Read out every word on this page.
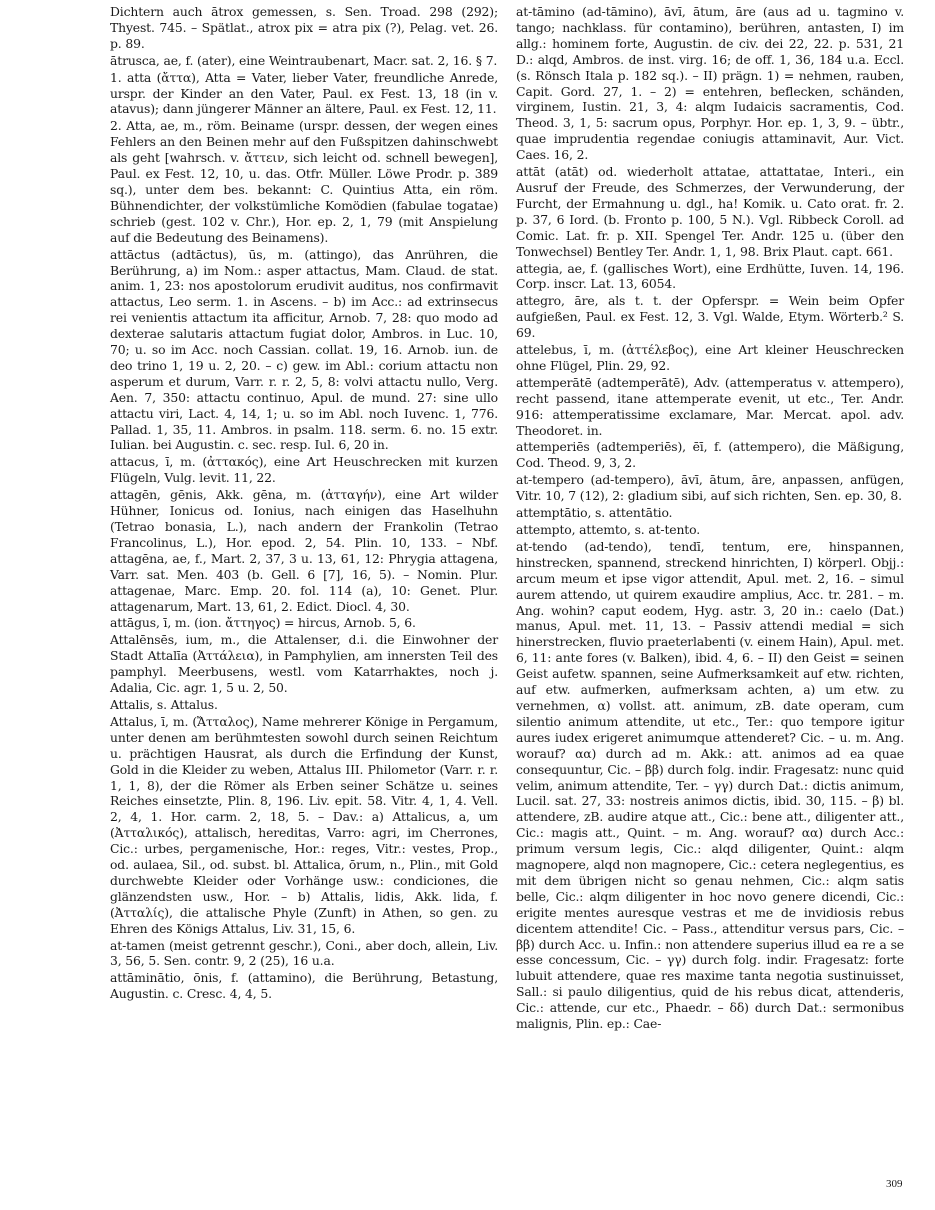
Dichtern auch ātrox gemessen, s. Sen. Troad. 298 (292); Thyest. 745. – Spätlat., atrox pix = atra pix (?), Pelag. vet. 26. p. 89.
ātrusca, ae, f. (ater), eine Weintraubenart, Macr. sat. 2, 16. § 7.
1. atta (ἄττα), Atta = Vater, lieber Vater, freundliche Anrede, urspr. der Kinder an den Vater, Paul. ex Fest. 13, 18 (in v. atavus); dann jüngerer Männer an ältere, Paul. ex Fest. 12, 11.
2. Atta, ae, m., röm. Beiname (urspr. dessen, der wegen eines Fehlers an den Beinen mehr auf den Fußspitzen dahinschwebt als geht [wahrsch. v. ἄττειν, sich leicht od. schnell bewegen], Paul. ex Fest. 12, 10, u. das. Otfr. Müller. Löwe Prodr. p. 389 sq.), unter dem bes. bekannt: C. Quintius Atta, ein röm. Bühnendichter, der volkstümliche Komödien (fabulae togatae) schrieb (gest. 102 v. Chr.), Hor. ep. 2, 1, 79 (mit Anspielung auf die Bedeutung des Beinamens).
attāctus (adtāctus), ūs, m. (attingo), das Anrühren, die Berührung, a) im Nom.: asper attactus, Mam. Claud. de stat. anim. 1, 23: nos apostolorum erudivit auditus, nos confirmavit attactus, Leo serm. 1. in Ascens. – b) im Acc.: ad extrinsecus rei venientis attactum ita afficitur, Arnob. 7, 28: quo modo ad dexterae salutaris attactum fugiat dolor, Ambros. in Luc. 10, 70; u. so im Acc. noch Cassian. collat. 19, 16. Arnob. iun. de deo trino 1, 19 u. 2, 20. – c) gew. im Abl.: corium attactu non asperum et durum, Varr. r. r. 2, 5, 8: volvi attactu nullo, Verg. Aen. 7, 350: attactu continuo, Apul. de mund. 27: sine ullo attactu viri, Lact. 4, 14, 1; u. so im Abl. noch Iuvenc. 1, 776. Pallad. 1, 35, 11. Ambros. in psalm. 118. serm. 6. no. 15 extr. Iulian. bei Augustin. c. sec. resp. Iul. 6, 20 in.
attacus, ī, m. (ἀττακός), eine Art Heuschrecken mit kurzen Flügeln, Vulg. levit. 11, 22.
attagēn, gēnis, Akk. gēna, m. (ἀτταγήν), eine Art wilder Hühner, Ionicus od. Ionius, nach einigen das Haselhuhn (Tetrao bonasia, L.), nach andern der Frankolin (Tetrao Francolinus, L.), Hor. epod. 2, 54. Plin. 10, 133. – Nbf. attagēna, ae, f., Mart. 2, 37, 3 u. 13, 61, 12: Phrygia attagena, Varr. sat. Men. 403 (b. Gell. 6 [7], 16, 5). – Nomin. Plur. attagenae, Marc. Emp. 20. fol. 114 (a), 10: Genet. Plur. attagenarum, Mart. 13, 61, 2. Edict. Diocl. 4, 30.
attāgus, ī, m. (ion. ἄττηγος) = hircus, Arnob. 5, 6.
Attalēnsēs, ium, m., die Attalenser, d.i. die Einwohner der Stadt Attalīa (Ἀττάλεια), in Pamphylien, am innersten Teil des pamphyl. Meerbusens, westl. vom Katarrhaktes, noch j. Adalia, Cic. agr. 1, 5 u. 2, 50.
Attalis, s. Attalus.
Attalus, ī, m. (Ἄτταλος), Name mehrerer Könige in Pergamum, unter denen am berühmtesten sowohl durch seinen Reichtum u. prächtigen Hausrat, als durch die Erfindung der Kunst, Gold in die Kleider zu weben, Attalus III. Philometor (Varr. r. r. 1, 1, 8), der die Römer als Erben seiner Schätze u. seines Reiches einsetzte, Plin. 8, 196. Liv. epit. 58. Vitr. 4, 1, 4. Vell. 2, 4, 1. Hor. carm. 2, 18, 5. – Dav.: a) Attalicus, a, um (Ἀτταλικός), attalisch, hereditas, Varro: agri, im Cherrones, Cic.: urbes, pergamenische, Hor.: reges, Vitr.: vestes, Prop., od. aulaea, Sil., od. subst. bl. Attalica, ōrum, n., Plin., mit Gold durchwebte Kleider oder Vorhänge usw.: condiciones, die glänzendsten usw., Hor. – b) Attalis, lidis, Akk. lida, f. (Ἀτταλίς), die attalische Phyle (Zunft) in Athen, so gen. zu Ehren des Königs Attalus, Liv. 31, 15, 6.
at-tamen (meist getrennt geschr.), Coni., aber doch, allein, Liv. 3, 56, 5. Sen. contr. 9, 2 (25), 16 u.a.
attāminātio, ōnis, f. (attamino), die Berührung, Betastung, Augustin. c. Cresc. 4, 4, 5.
at-tāmino (ad-tāmino), āvī, ātum, āre (aus ad u. tagmino v. tango; nachklass. für contamino), berühren, antasten, I) im allg.: hominem forte, Augustin. de civ. dei 22, 22. p. 531, 21 D.: alqd, Ambros. de inst. virg. 16; de off. 1, 36, 184 u.a. Eccl. (s. Rönsch Itala p. 182 sq.). – II) prägn. 1) = nehmen, rauben, Capit. Gord. 27, 1. – 2) = entehren, beflecken, schänden, virginem, Iustin. 21, 3, 4: alqm Iudaicis sacramentis, Cod. Theod. 3, 1, 5: sacrum opus, Porphyr. Hor. ep. 1, 3, 9. – übtr., quae imprudentia regendae coniugis attaminavit, Aur. Vict. Caes. 16, 2.
attāt (atāt) od. wiederholt attatae, attattatae, Interi., ein Ausruf der Freude, des Schmerzes, der Verwunderung, der Furcht, der Ermahnung u. dgl., ha! Komik. u. Cato orat. fr. 2. p. 37, 6 Iord. (b. Fronto p. 100, 5 N.). Vgl. Ribbeck Coroll. ad Comic. Lat. fr. p. XII. Spengel Ter. Andr. 125 u. (über den Tonwechsel) Bentley Ter. Andr. 1, 1, 98. Brix Plaut. capt. 661.
attegia, ae, f. (gallisches Wort), eine Erdhütte, Iuven. 14, 196. Corp. inscr. Lat. 13, 6054.
attegro, āre, als t. t. der Opferspr. = Wein beim Opfer aufgießen, Paul. ex Fest. 12, 3. Vgl. Walde, Etym. Wörterb.² S. 69.
attelebus, ī, m. (ἀττέλεβος), eine Art kleiner Heuschrecken ohne Flügel, Plin. 29, 92.
attemperātē (adtemperātē), Adv. (attemperatus v. attempero), recht passend, itane attemperate evenit, ut etc., Ter. Andr. 916: attemperatissime exclamare, Mar. Mercat. apol. adv. Theodoret. in.
attemperiēs (adtemperiēs), ēī, f. (attempero), die Mäßigung, Cod. Theod. 9, 3, 2.
at-tempero (ad-tempero), āvī, ātum, āre, anpassen, anfügen, Vitr. 10, 7 (12), 2: gladium sibi, auf sich richten, Sen. ep. 30, 8.
attemptātio, s. attentātio.
attempto, attemto, s. at-tento.
at-tendo (ad-tendo), tendī, tentum, ere, hinspannen, hinstrecken, spannend, streckend hinrichten, I) körperl. Objj.: arcum meum et ipse vigor attendit, Apul. met. 2, 16. – simul aurem attendo, ut quirem exaudire amplius, Acc. tr. 281. – m. Ang. wohin? caput eodem, Hyg. astr. 3, 20 in.: caelo (Dat.) manus, Apul. met. 11, 13. – Passiv attendi medial = sich hinerstrecken, fluvio praeterlabenti (v. einem Hain), Apul. met. 6, 11: ante fores (v. Balken), ibid. 4, 6. – II) den Geist = seinen Geist aufetw. spannen, seine Aufmerksamkeit auf etw. richten, auf etw. aufmerken, aufmerksam achten, a) um etw. zu vernehmen, α) vollst. att. animum, zB. date operam, cum silentio animum attendite, ut etc., Ter.: quo tempore igitur aures iudex erigeret animumque attenderet? Cic. – u. m. Ang. worauf? αα) durch ad m. Akk.: att. animos ad ea quae consequuntur, Cic. – ββ) durch folg. indir. Fragesatz: nunc quid velim, animum attendite, Ter. – γγ) durch Dat.: dictis animum, Lucil. sat. 27, 33: nostreis animos dictis, ibid. 30, 115. – β) bl. attendere, zB. audire atque att., Cic.: bene att., diligenter att., Cic.: magis att., Quint. – m. Ang. worauf? αα) durch Acc.: primum versum legis, Cic.: alqd diligenter, Quint.: alqm magnopere, alqd non magnopere, Cic.: cetera neglegentius, es mit dem übrigen nicht so genau nehmen, Cic.: alqm satis belle, Cic.: alqm diligenter in hoc novo genere dicendi, Cic.: erigite mentes auresque vestras et me de invidiosis rebus dicentem attendite! Cic. – Pass., attenditur versus pars, Cic. – ββ) durch Acc. u. Infin.: non attendere superius illud ea re a se esse concessum, Cic. – γγ) durch folg. indir. Fragesatz: forte lubuit attendere, quae res maxime tanta negotia sustinuisset, Sall.: si paulo diligentius, quid de his rebus dicat, attenderis, Cic.: attende, cur etc., Phaedr. – δδ) durch Dat.: sermonibus malignis, Plin. ep.: Cae-
309
